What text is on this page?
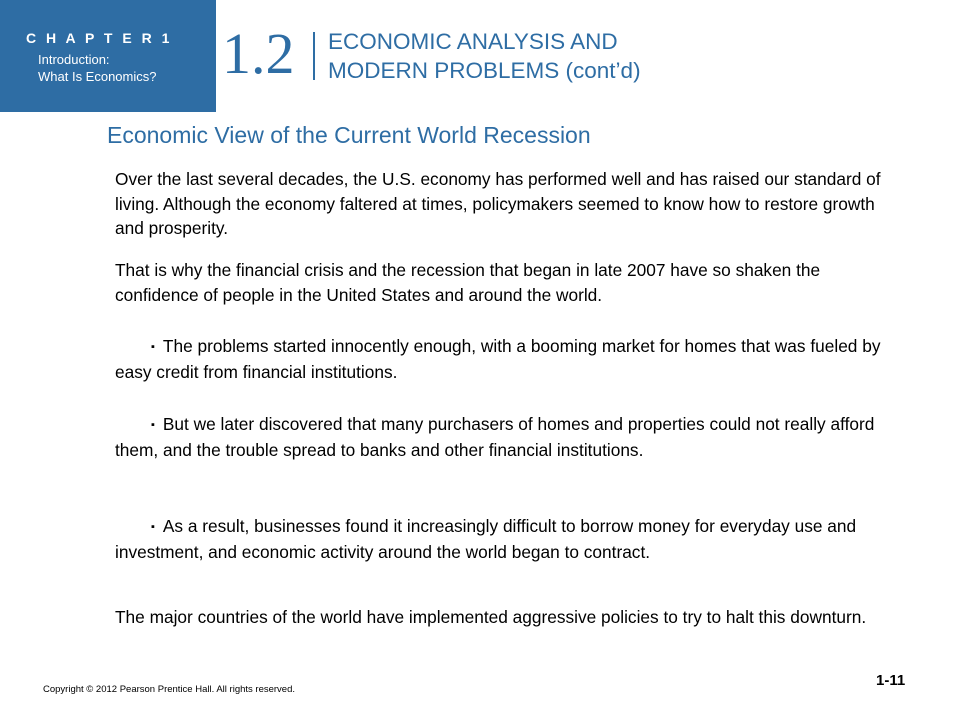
C H A P T E R 1
Introduction:
What Is Economics? 1.2 ECONOMIC ANALYSIS AND
MODERN PROBLEMS (cont’d)
Economic View of the Current World Recession

Over the last several decades, the U.S. economy has performed well and has raised our standard of living. Although the economy faltered at times, policymakers seemed to know how to restore growth and prosperity.

That is why the financial crisis and the recession that began in late 2007 have so shaken the confidence of people in the United States and around the world.

▪ The problems started innocently enough, with a booming market for homes that was fueled by easy credit from financial institutions.

▪ But we later discovered that many purchasers of homes and properties could not really afford them, and the trouble spread to banks and other financial institutions.

▪ As a result, businesses found it increasingly difficult to borrow money for everyday use and investment, and economic activity around the world began to contract.

The major countries of the world have implemented aggressive policies to try to halt this downturn.

Copyright © 2012 Pearson Prentice Hall. All rights reserved.
1-11
